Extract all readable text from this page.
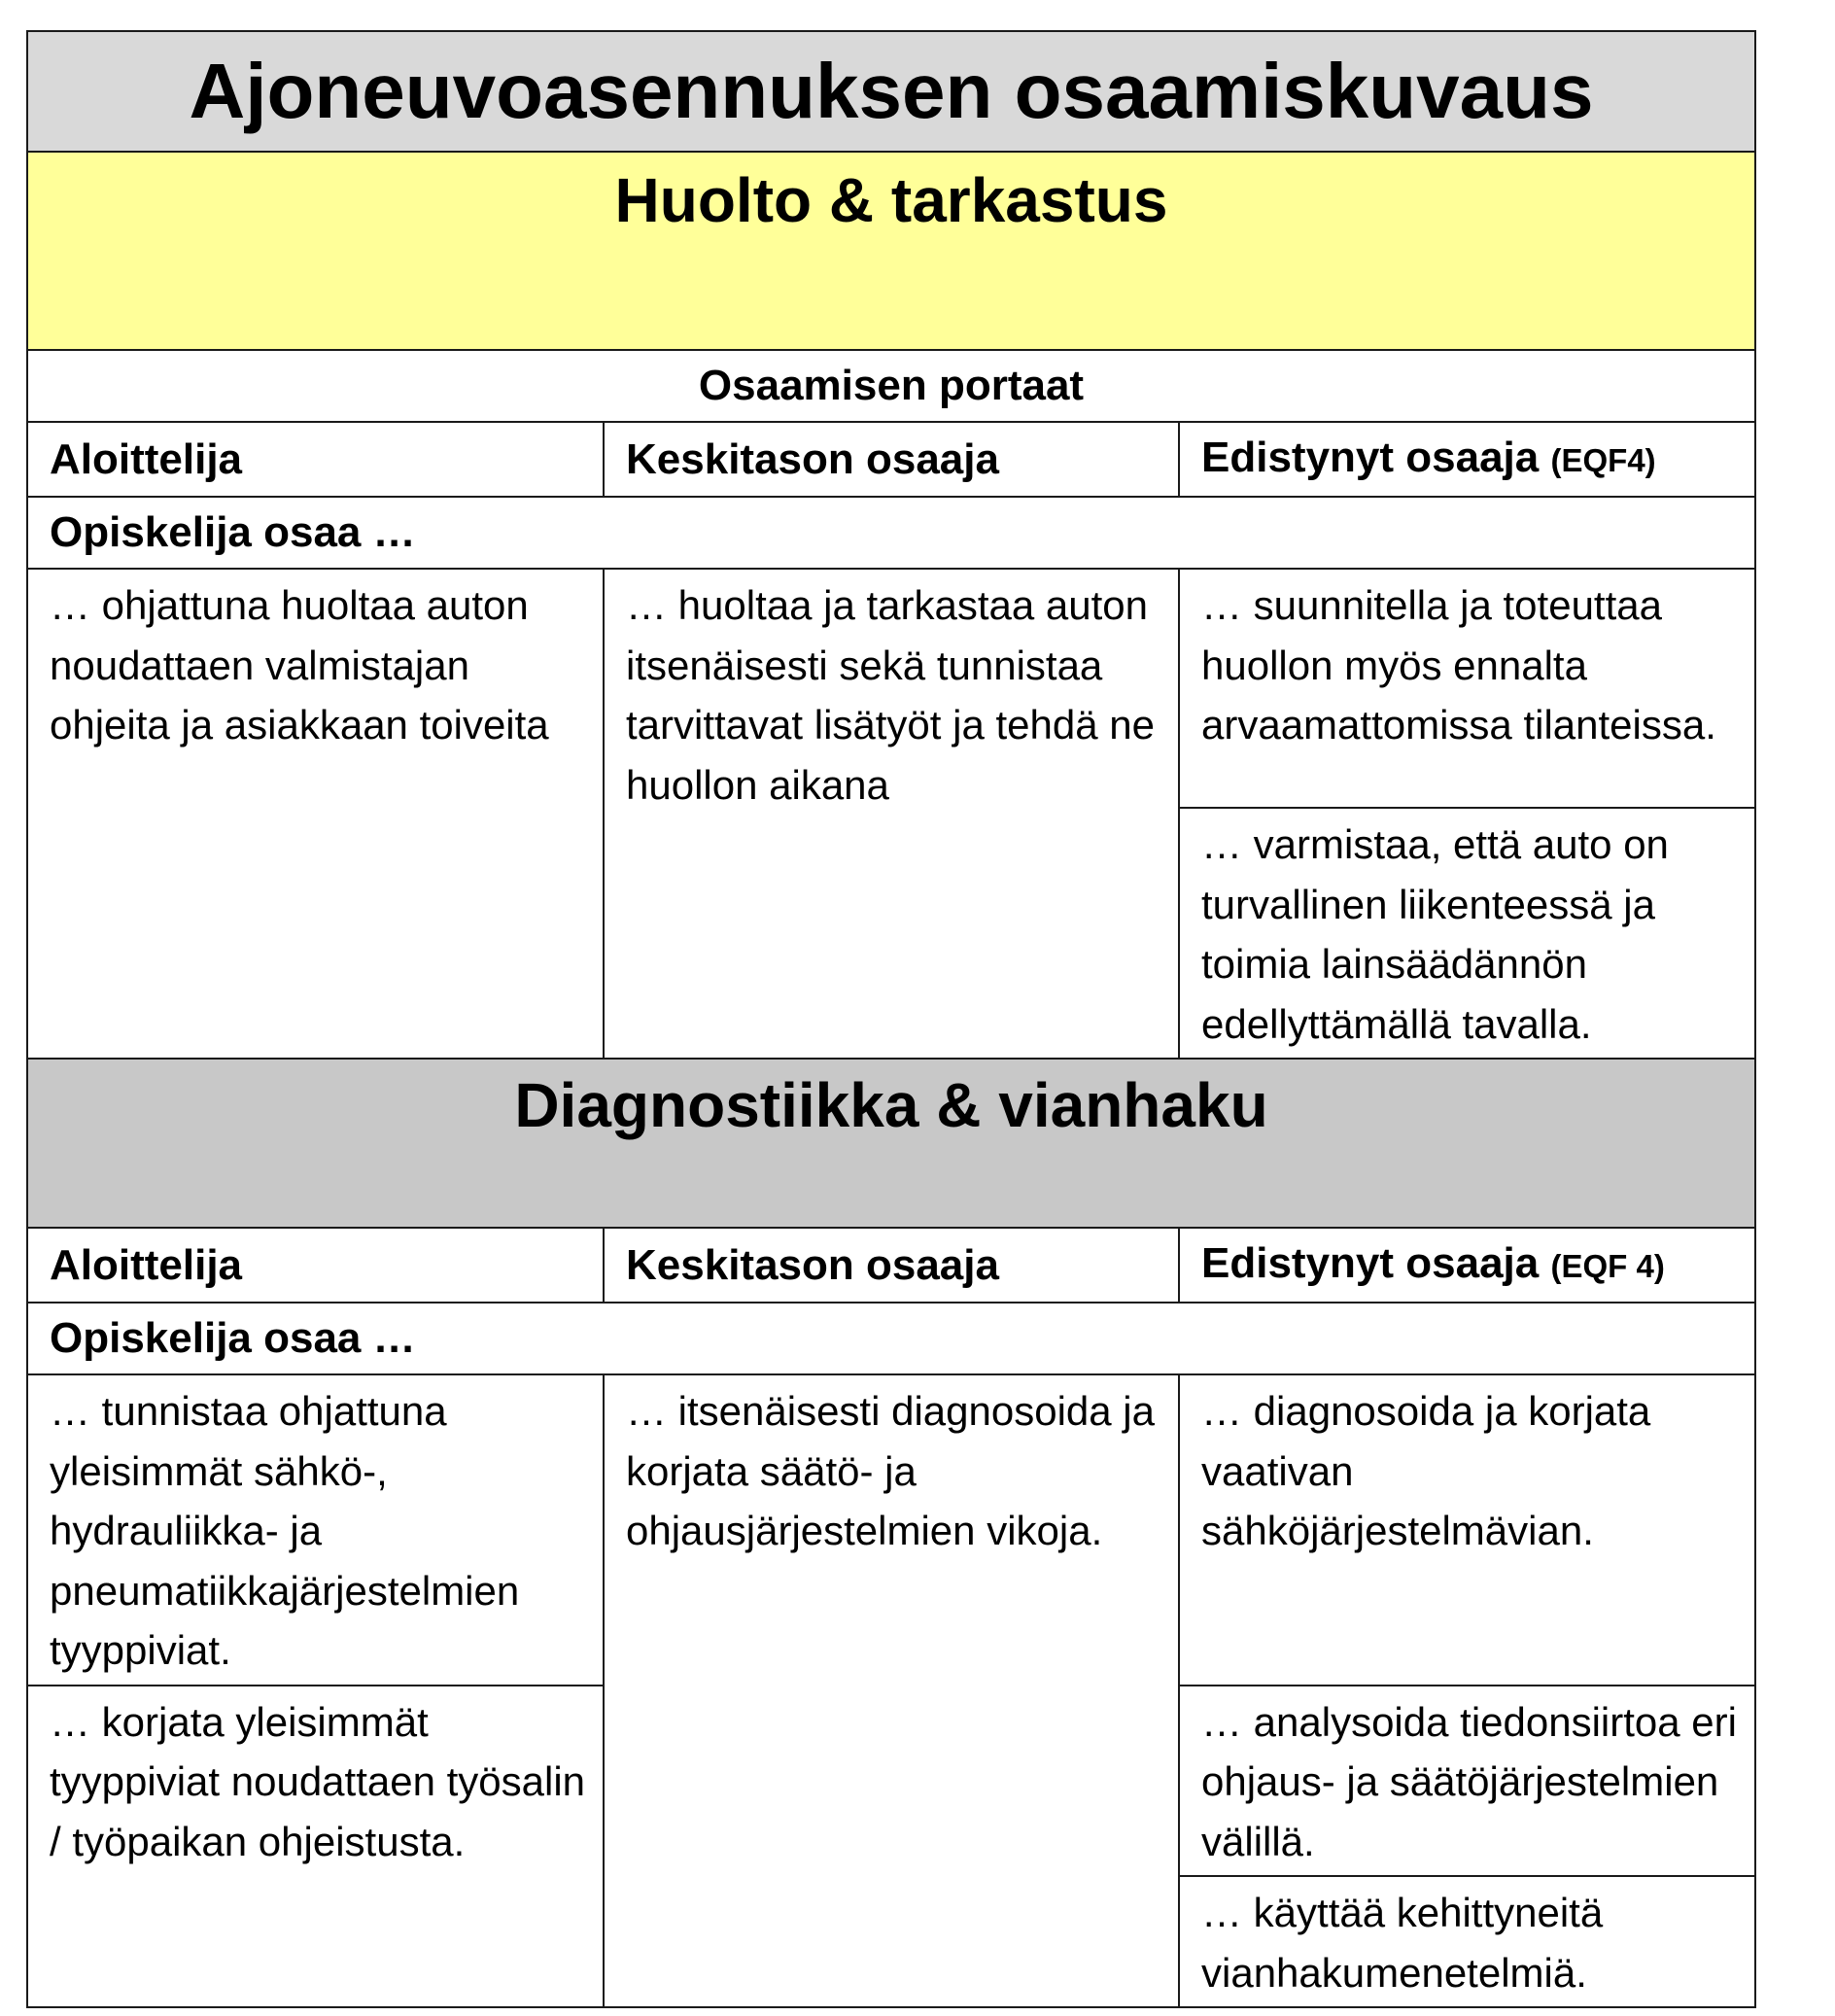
Ajoneuvoasennuksen osaamiskuvaus		
Huolto & tarkastus		
Osaamisen portaat		
Aloittelija	Keskitason osaaja	Edistynyt osaaja (EQF4)
Opiskelija osaa …		
… ohjattuna huoltaa auton noudattaen valmistajan ohjeita ja asiakkaan toiveita	… huoltaa ja tarkastaa auton itsenäisesti sekä tunnistaa tarvittavat lisätyöt ja tehdä ne huollon aikana	… suunnitella ja toteuttaa huollon myös ennalta arvaamattomissa tilanteissa.
		… varmistaa, että auto on turvallinen liikenteessä ja toimia lainsäädännön edellyttämällä tavalla.
Diagnostiikka & vianhaku		
Aloittelija	Keskitason osaaja	Edistynyt osaaja (EQF 4)
Opiskelija osaa …		
… tunnistaa ohjattuna yleisimmät sähkö-, hydrauliikka- ja pneumatiikkajärjestelmien tyyppiviat.	… itsenäisesti diagnosoida ja korjata säätö- ja ohjausjärjestelmien vikoja.	… diagnosoida ja korjata vaativan sähköjärjestelmävian.
… korjata yleisimmät tyyppiviat noudattaen työsalin / työpaikan ohjeistusta.		… analysoida tiedonsiirtoa eri ohjaus- ja säätöjärjestelmien välillä.
		… käyttää kehittyneitä vianhakumenetelmiä.
